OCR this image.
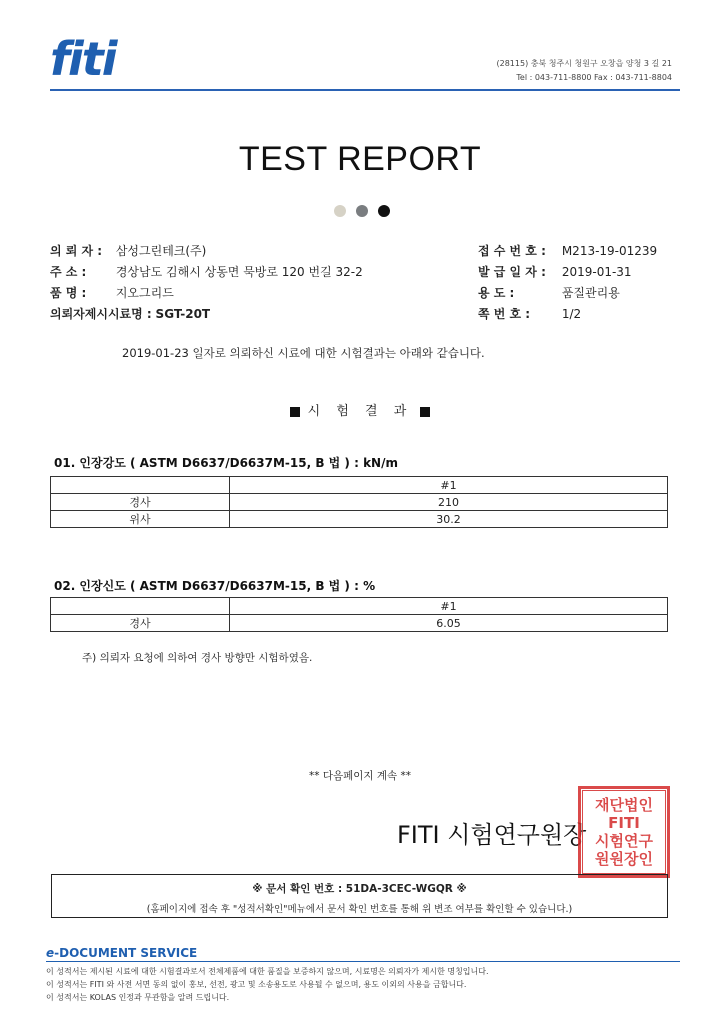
fiti	(28115) 충북 청주시 청원구 오창읍 양청 3 길 21
Tel : 043-711-8800 Fax : 043-711-8804
TEST REPORT
의 뢰 자 : 삼성그린테크(주)
주 소 : 경상남도 김해시 상동면 묵방로 120 번길 32-2
품 명 : 지오그리드
의뢰자제시시료명 : SGT-20T
접 수 번 호 : M213-19-01239
발 급 일 자 : 2019-01-31
용 도 :	품질관리용
쪽 번 호 :	1/2
2019-01-23 일자로 의뢰하신 시료에 대한 시험결과는 아래와 같습니다.
시 험 결 과
01. 인장강도 ( ASTM D6637/D6637M-15, B 법 ) : kN/m
	#1
경사	210
위사	30.2
02. 인장신도 ( ASTM D6637/D6637M-15, B 법 ) : %
	#1
경사	6.05
주) 의뢰자 요청에 의하여 경사 방향만 시험하였음.
** 다음페이지 계속 **
FITI 시험연구원장
재단법인
FITI
시험연구
원원장인
※ 문서 확인 번호 : 51DA-3CEC-WGQR ※
(홈페이지에 접속 후 "성적서확인"메뉴에서 문서 확인 번호를 통해 위 변조 여부를 확인할 수 있습니다.)
e-DOCUMENT SERVICE
이 성적서는 제시된 시료에 대한 시험결과로서 전체제품에 대한 품질을 보증하지 않으며, 시료명은 의뢰자가 제시한 명칭입니다.
이 성적서는 FITI 와 사전 서면 동의 없이 홍보, 선전, 광고 및 소송용도로 사용될 수 없으며, 용도 이외의 사용을 금합니다.
이 성적서는 KOLAS 인정과 무관함을 알려 드립니다.
